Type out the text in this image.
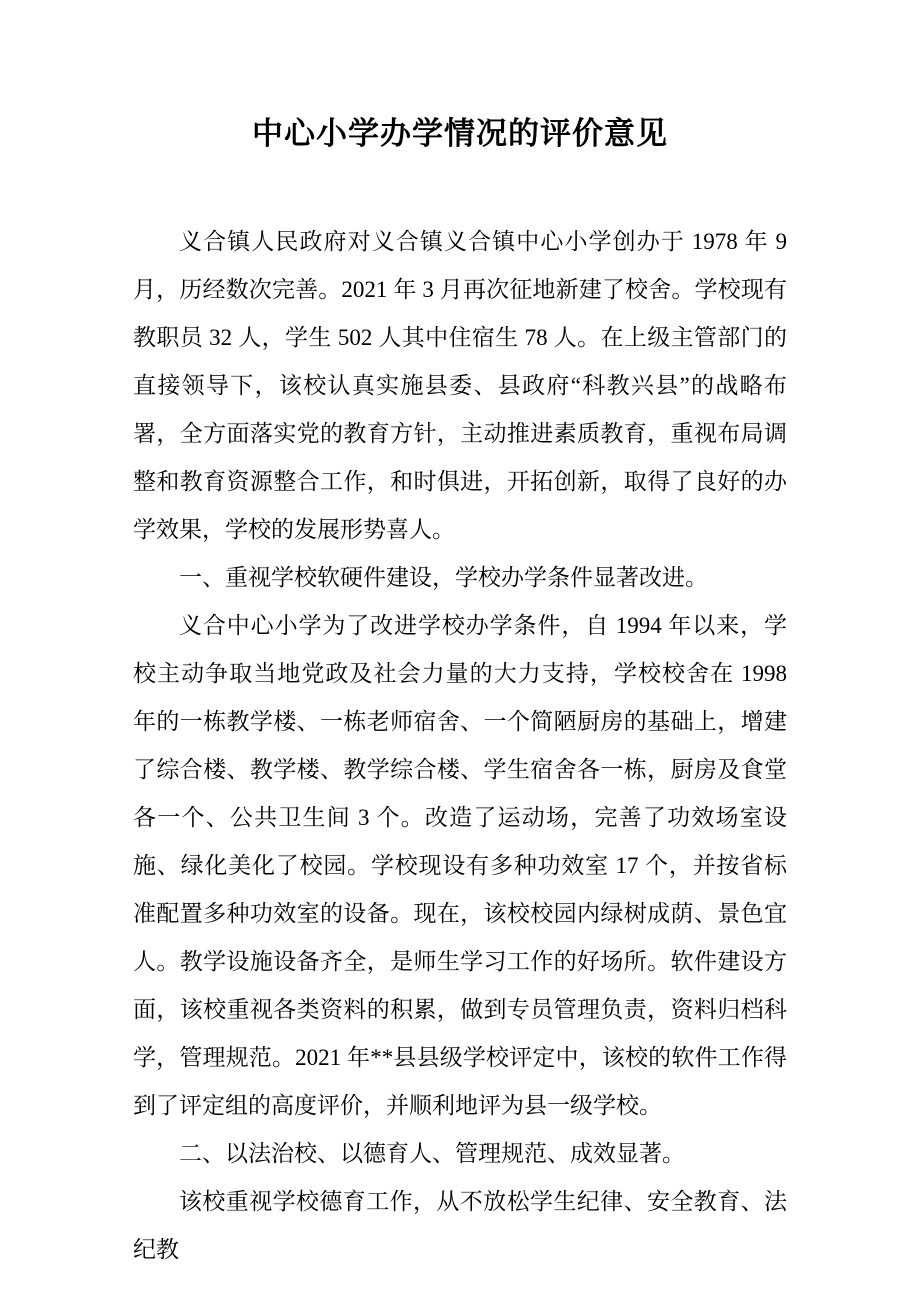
中心小学办学情况的评价意见

义合镇人民政府对义合镇义合镇中心小学创办于 1978 年 9 月，历经数次完善。2021 年 3 月再次征地新建了校舍。学校现有教职员 32 人，学生 502 人其中住宿生 78 人。在上级主管部门的直接领导下，该校认真实施县委、县政府“科教兴县”的战略布署，全方面落实党的教育方针，主动推进素质教育，重视布局调整和教育资源整合工作，和时俱进，开拓创新，取得了良好的办学效果，学校的发展形势喜人。

一、重视学校软硬件建设，学校办学条件显著改进。

义合中心小学为了改进学校办学条件，自 1994 年以来，学校主动争取当地党政及社会力量的大力支持，学校校舍在 1998 年的一栋教学楼、一栋老师宿舍、一个简陋厨房的基础上，增建了综合楼、教学楼、教学综合楼、学生宿舍各一栋，厨房及食堂各一个、公共卫生间 3 个。改造了运动场，完善了功效场室设施、绿化美化了校园。学校现设有多种功效室 17 个，并按省标准配置多种功效室的设备。现在，该校校园内绿树成荫、景色宜人。教学设施设备齐全，是师生学习工作的好场所。软件建设方面，该校重视各类资料的积累，做到专员管理负责，资料归档科学，管理规范。2021 年**县县级学校评定中，该校的软件工作得到了评定组的高度评价，并顺利地评为县一级学校。

二、以法治校、以德育人、管理规范、成效显著。

该校重视学校德育工作，从不放松学生纪律、安全教育、法纪教
